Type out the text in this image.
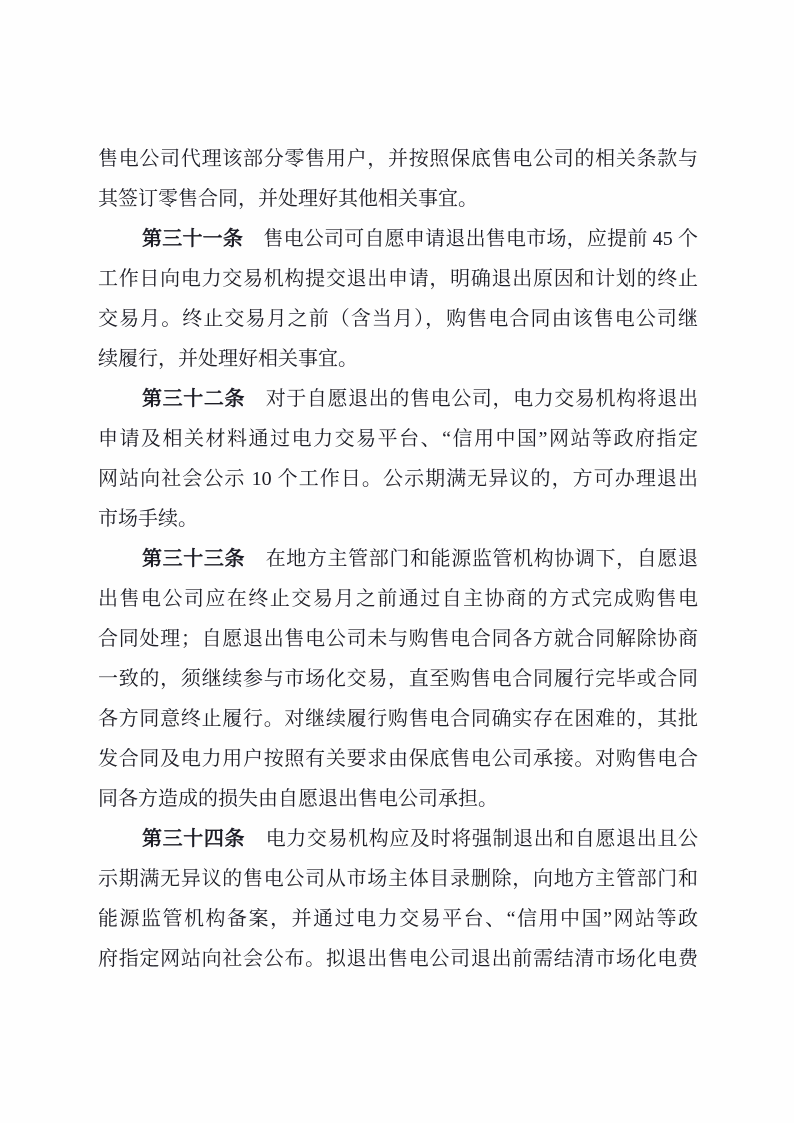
售电公司代理该部分零售用户，并按照保底售电公司的相关条款与
其签订零售合同，并处理好其他相关事宜。
第三十一条　售电公司可自愿申请退出售电市场，应提前 45 个
工作日向电力交易机构提交退出申请，明确退出原因和计划的终止
交易月。终止交易月之前（含当月），购售电合同由该售电公司继
续履行，并处理好相关事宜。
第三十二条　对于自愿退出的售电公司，电力交易机构将退出
申请及相关材料通过电力交易平台、“信用中国”网站等政府指定
网站向社会公示 10 个工作日。公示期满无异议的，方可办理退出
市场手续。
第三十三条　在地方主管部门和能源监管机构协调下，自愿退
出售电公司应在终止交易月之前通过自主协商的方式完成购售电
合同处理；自愿退出售电公司未与购售电合同各方就合同解除协商
一致的，须继续参与市场化交易，直至购售电合同履行完毕或合同
各方同意终止履行。对继续履行购售电合同确实存在困难的，其批
发合同及电力用户按照有关要求由保底售电公司承接。对购售电合
同各方造成的损失由自愿退出售电公司承担。
第三十四条　电力交易机构应及时将强制退出和自愿退出且公
示期满无异议的售电公司从市场主体目录删除，向地方主管部门和
能源监管机构备案，并通过电力交易平台、“信用中国”网站等政
府指定网站向社会公布。拟退出售电公司退出前需结清市场化电费
